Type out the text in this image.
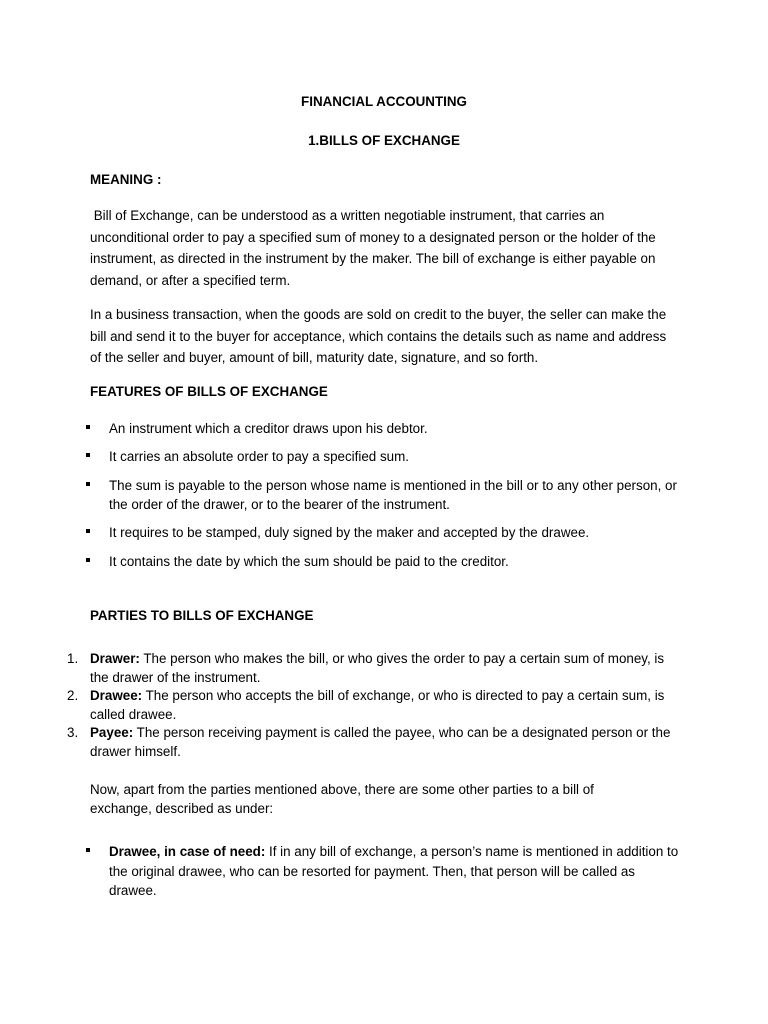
FINANCIAL ACCOUNTING
1.BILLS OF EXCHANGE
MEANING :

Bill of Exchange, can be understood as a written negotiable instrument, that carries an unconditional order to pay a specified sum of money to a designated person or the holder of the instrument, as directed in the instrument by the maker. The bill of exchange is either payable on demand, or after a specified term.

In a business transaction, when the goods are sold on credit to the buyer, the seller can make the bill and send it to the buyer for acceptance, which contains the details such as name and address of the seller and buyer, amount of bill, maturity date, signature, and so forth.

FEATURES OF BILLS OF EXCHANGE
An instrument which a creditor draws upon his debtor.
It carries an absolute order to pay a specified sum.
The sum is payable to the person whose name is mentioned in the bill or to any other person, or the order of the drawer, or to the bearer of the instrument.
It requires to be stamped, duly signed by the maker and accepted by the drawee.
It contains the date by which the sum should be paid to the creditor.
PARTIES TO BILLS OF EXCHANGE
1. Drawer: The person who makes the bill, or who gives the order to pay a certain sum of money, is the drawer of the instrument.
2. Drawee: The person who accepts the bill of exchange, or who is directed to pay a certain sum, is called drawee.
3. Payee: The person receiving payment is called the payee, who can be a designated person or the drawer himself.

Now, apart from the parties mentioned above, there are some other parties to a bill of exchange, described as under:

Drawee, in case of need: If in any bill of exchange, a person’s name is mentioned in addition to the original drawee, who can be resorted for payment. Then, that person will be called as drawee.
